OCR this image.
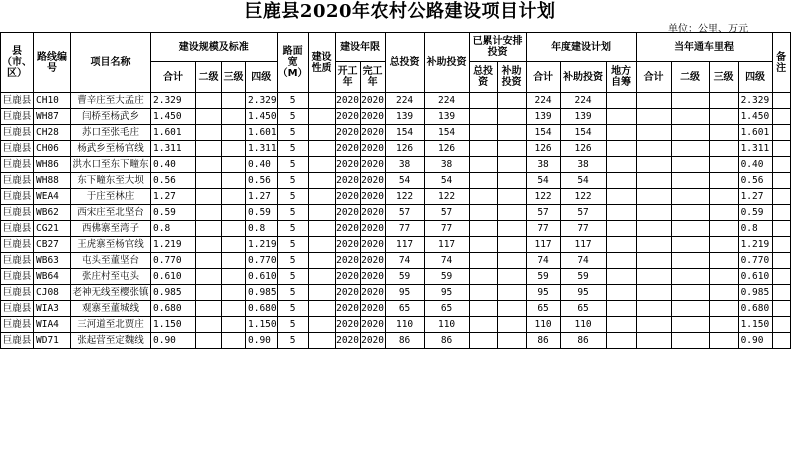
巨鹿县2020年农村公路建设项目计划
单位：公里、万元
县（市、区）	路线编号	项目名称	建设规模及标准				路面宽（M）	建设性质	建设年限		总投资	补助投资	已累计安排投资		年度建设计划			当年通车里程				备注
			合计	二级	三级	四级			开工年	完工年			总投资	补助投资	合计	补助投资	地方自筹	合计	二级	三级	四级	
巨鹿县	CH10	曹辛庄至大孟庄	2.329			2.329	5		2020	2020	224	224			224	224					2.329	
巨鹿县	WH87	闫桥至杨武乡	1.450			1.450	5		2020	2020	139	139			139	139					1.450	
巨鹿县	CH28	苏口至张毛庄	1.601			1.601	5		2020	2020	154	154			154	154					1.601	
巨鹿县	CH06	杨武乡至杨官线	1.311			1.311	5		2020	2020	126	126			126	126					1.311	
巨鹿县	WH86	洪水口至东下疃东	0.40			0.40	5		2020	2020	38	38			38	38					0.40	
巨鹿县	WH88	东下疃东至大坝	0.56			0.56	5		2020	2020	54	54			54	54					0.56	
巨鹿县	WEA4	于庄至林庄	1.27			1.27	5		2020	2020	122	122			122	122					1.27	
巨鹿县	WB62	西宋庄至北坚台	0.59			0.59	5		2020	2020	57	57			57	57					0.59	
巨鹿县	CG21	西佛寨至湾子	0.8			0.8	5		2020	2020	77	77			77	77					0.8	
巨鹿县	CB27	王虎寨至杨官线	1.219			1.219	5		2020	2020	117	117			117	117					1.219	
巨鹿县	WB63	屯头至董坚台	0.770			0.770	5		2020	2020	74	74			74	74					0.770	
巨鹿县	WB64	张庄村至屯头	0.610			0.610	5		2020	2020	59	59			59	59					0.610	
巨鹿县	CJ08	老神无线至樱张镇	0.985			0.985	5		2020	2020	95	95			95	95					0.985	
巨鹿县	WIA3	观寨至董城线	0.680			0.680	5		2020	2020	65	65			65	65					0.680	
巨鹿县	WIA4	三河道至北贾庄	1.150			1.150	5		2020	2020	110	110			110	110					1.150	
巨鹿县	WD71	张起营至定魏线	0.90			0.90	5		2020	2020	86	86			86	86					0.90	
